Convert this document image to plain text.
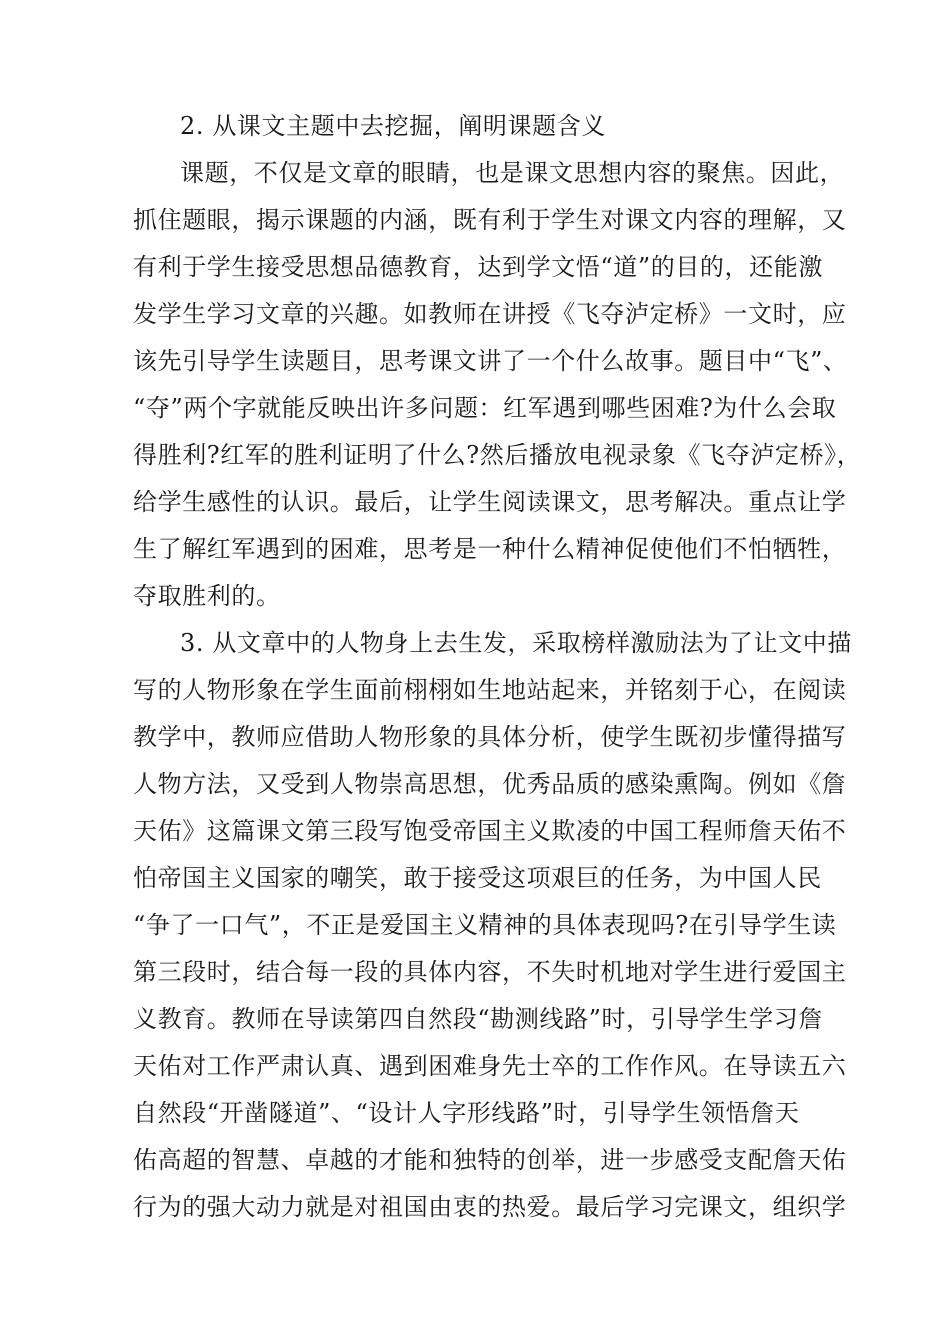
2. 从课文主题中去挖掘，阐明课题含义
课题，不仅是文章的眼睛，也是课文思想内容的聚焦。因此，
抓住题眼，揭示课题的内涵，既有利于学生对课文内容的理解，又
有利于学生接受思想品德教育，达到学文悟“道”的目的，还能激
发学生学习文章的兴趣。如教师在讲授《飞夺泸定桥》一文时，应
该先引导学生读题目，思考课文讲了一个什么故事。题目中“飞”、
“夺”两个字就能反映出许多问题：红军遇到哪些困难?为什么会取
得胜利?红军的胜利证明了什么?然后播放电视录象《飞夺泸定桥》，
给学生感性的认识。最后，让学生阅读课文，思考解决。重点让学
生了解红军遇到的困难，思考是一种什么精神促使他们不怕牺牲，
夺取胜利的。
3. 从文章中的人物身上去生发，采取榜样激励法为了让文中描
写的人物形象在学生面前栩栩如生地站起来，并铭刻于心，在阅读
教学中，教师应借助人物形象的具体分析，使学生既初步懂得描写
人物方法，又受到人物崇高思想，优秀品质的感染熏陶。例如《詹
天佑》这篇课文第三段写饱受帝国主义欺凌的中国工程师詹天佑不
怕帝国主义国家的嘲笑，敢于接受这项艰巨的任务，为中国人民
“争了一口气”，不正是爱国主义精神的具体表现吗?在引导学生读
第三段时，结合每一段的具体内容，不失时机地对学生进行爱国主
义教育。教师在导读第四自然段“勘测线路”时，引导学生学习詹
天佑对工作严肃认真、遇到困难身先士卒的工作作风。在导读五六
自然段“开凿隧道”、“设计人字形线路”时，引导学生领悟詹天
佑高超的智慧、卓越的才能和独特的创举，进一步感受支配詹天佑
行为的强大动力就是对祖国由衷的热爱。最后学习完课文，组织学
